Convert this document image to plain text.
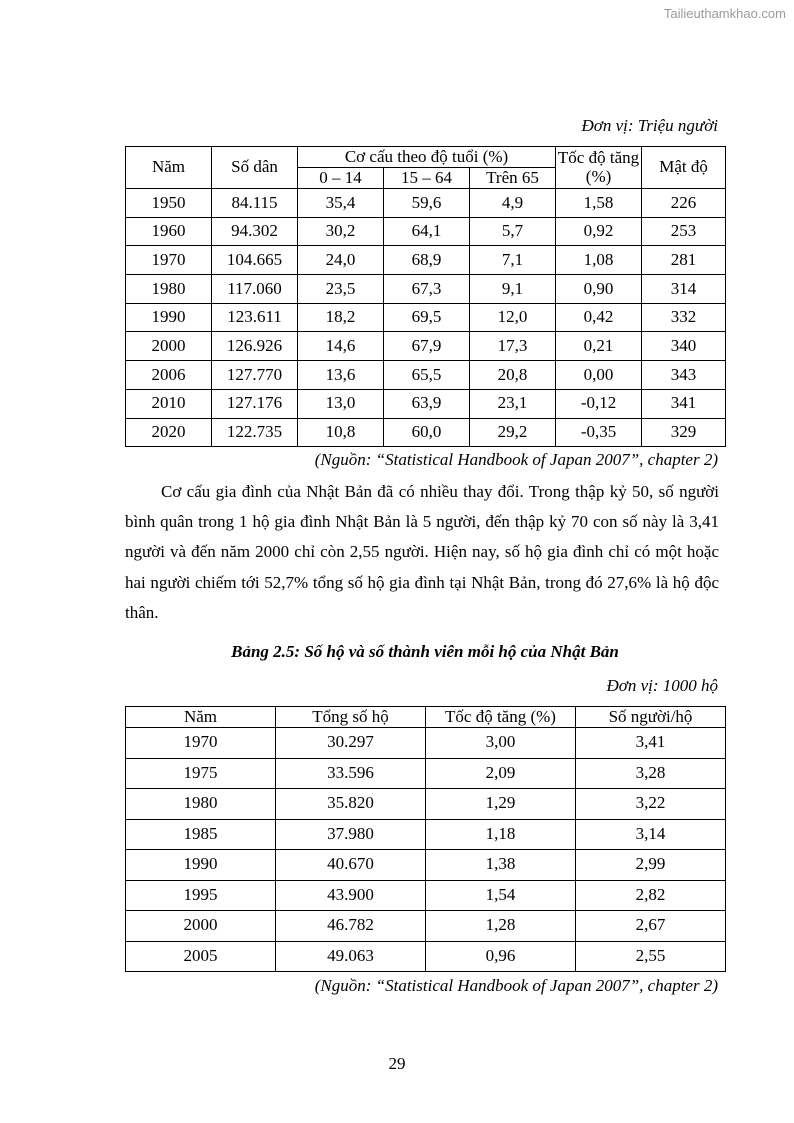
Tailieuthamkhao.com
Đơn vị: Triệu người
Năm	Số dân	Cơ cấu theo độ tuổi (%)			Tốc độ tăng (%)	Mật độ
		0 – 14	15 – 64	Trên 65		
1950	84.115	35,4	59,6	4,9	1,58	226
1960	94.302	30,2	64,1	5,7	0,92	253
1970	104.665	24,0	68,9	7,1	1,08	281
1980	117.060	23,5	67,3	9,1	0,90	314
1990	123.611	18,2	69,5	12,0	0,42	332
2000	126.926	14,6	67,9	17,3	0,21	340
2006	127.770	13,6	65,5	20,8	0,00	343
2010	127.176	13,0	63,9	23,1	-0,12	341
2020	122.735	10,8	60,0	29,2	-0,35	329
(Nguồn: “Statistical Handbook of Japan 2007”, chapter 2)

Cơ cấu gia đình của Nhật Bản đã có nhiều thay đổi. Trong thập kỷ 50, số người bình quân trong 1 hộ gia đình Nhật Bản là 5 người, đến thập kỷ 70 con số này là 3,41 người và đến năm 2000 chỉ còn 2,55 người. Hiện nay, số hộ gia đình chỉ có một hoặc hai người chiếm tới 52,7% tổng số hộ gia đình tại Nhật Bản, trong đó 27,6% là hộ độc thân.

Bảng 2.5: Số hộ và số thành viên mỗi hộ của Nhật Bản
Đơn vị: 1000 hộ
Năm	Tổng số hộ	Tốc độ tăng (%)	Số người/hộ
1970	30.297	3,00	3,41
1975	33.596	2,09	3,28
1980	35.820	1,29	3,22
1985	37.980	1,18	3,14
1990	40.670	1,38	2,99
1995	43.900	1,54	2,82
2000	46.782	1,28	2,67
2005	49.063	0,96	2,55
(Nguồn: “Statistical Handbook of Japan 2007”, chapter 2)
29
